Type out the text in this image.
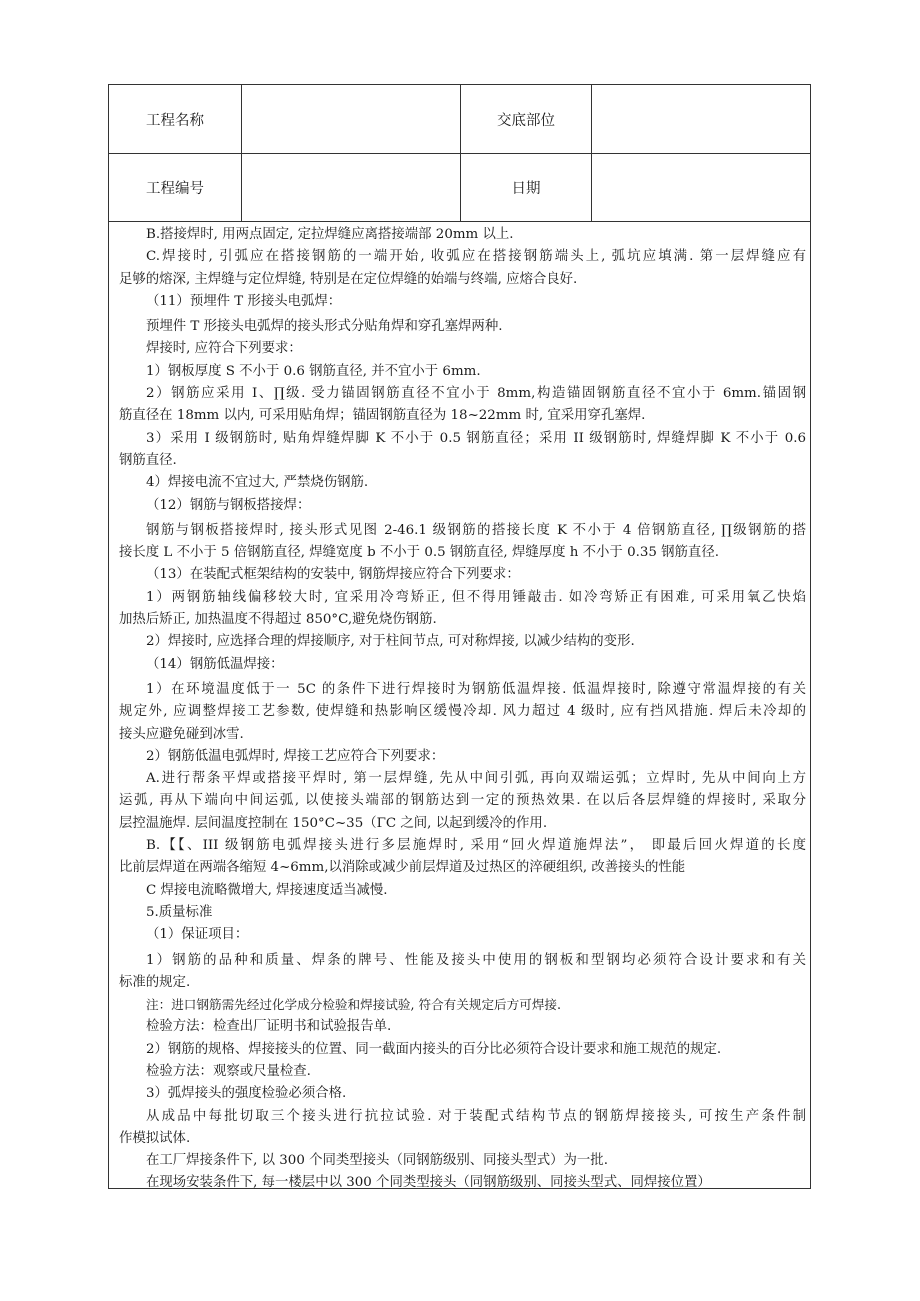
工程名称	交底部位
工程编号	日期
B.搭接焊时, 用两点固定, 定拉焊缝应离搭接端部 20mm 以上.
C.焊接时, 引弧应在搭接钢筋的一端开始, 收弧应在搭接钢筋端头上, 弧坑应填满. 第一层焊缝应有
足够的熔深, 主焊缝与定位焊缝, 特别是在定位焊缝的始端与终端, 应熔合良好.
（11）预埋件 T 形接头电弧焊：
预埋件 T 形接头电弧焊的接头形式分贴角焊和穿孔塞焊两种.
焊接时, 应符合下列要求：
1）钢板厚度 S 不小于 0.6 钢筋直径, 并不宜小于 6mm.
2）钢筋应采用 I、∏级. 受力锚固钢筋直径不宜小于 8mm,构造锚固钢筋直径不宜小于 6mm.锚固钢
筋直径在 18mm 以内, 可采用贴角焊；锚固钢筋直径为 18~22mm 时, 宜采用穿孔塞焊.
3）采用 I 级钢筋时, 贴角焊缝焊脚 K 不小于 0.5 钢筋直径；采用 II 级钢筋时, 焊缝焊脚 K 不小于 0.6
钢筋直径.
4）焊接电流不宜过大, 严禁烧伤钢筋.
（12）钢筋与钢板搭接焊：
钢筋与钢板搭接焊时, 接头形式见图 2-46.1 级钢筋的搭接长度 K 不小于 4 倍钢筋直径, ∏级钢筋的搭
接长度 L 不小于 5 倍钢筋直径, 焊缝宽度 b 不小于 0.5 钢筋直径, 焊缝厚度 h 不小于 0.35 钢筋直径.
（13）在装配式框架结构的安装中, 钢筋焊接应符合下列要求：
1）两钢筋轴线偏移较大时, 宜采用冷弯矫正, 但不得用锤敲击. 如冷弯矫正有困难, 可采用氧乙快焰
加热后矫正, 加热温度不得超过 850°C,避免烧伤钢筋.
2）焊接时, 应选择合理的焊接顺序, 对于柱间节点, 可对称焊接, 以减少结构的变形.
（14）钢筋低温焊接：
1）在环境温度低于一 5C 的条件下进行焊接时为钢筋低温焊接. 低温焊接时, 除遵守常温焊接的有关
规定外, 应调整焊接工艺参数, 使焊缝和热影响区缓慢冷却. 风力超过 4 级时, 应有挡风措施. 焊后未冷却的
接头应避免碰到冰雪.
2）钢筋低温电弧焊时, 焊接工艺应符合下列要求：
A.进行帮条平焊或搭接平焊时, 第一层焊缝, 先从中间引弧, 再向双端运弧；立焊时, 先从中间向上方
运弧, 再从下端向中间运弧, 以使接头端部的钢筋达到一定的预热效果. 在以后各层焊缝的焊接时, 采取分
层控温施焊. 层间温度控制在 150°C~35（ΓC 之间, 以起到缓冷的作用.
B.【【、III 级钢筋电弧焊接头进行多层施焊时, 采用“回火焊道施焊法”， 即最后回火焊道的长度
比前层焊道在两端各缩短 4~6mm,以消除或减少前层焊道及过热区的淬硬组织, 改善接头的性能
C 焊接电流略微增大, 焊接速度适当减慢.
5.质量标准
（1）保证项目：
1）钢筋的品种和质量、焊条的牌号、性能及接头中使用的钢板和型钢均必须符合设计要求和有关
标准的规定.
注：进口钢筋需先经过化学成分检验和焊接试验, 符合有关规定后方可焊接.
检验方法：检查出厂证明书和试验报告单.
2）钢筋的规格、焊接接头的位置、同一截面内接头的百分比必须符合设计要求和施工规范的规定.
检验方法：观察或尺量检查.
3）弧焊接头的强度检验必须合格.
从成品中每批切取三个接头进行抗拉试验. 对于装配式结构节点的钢筋焊接接头, 可按生产条件制
作模拟试体.
在工厂焊接条件下, 以 300 个同类型接头（同钢筋级别、同接头型式）为一批.
在现场安装条件下, 每一楼层中以 300 个同类型接头（同钢筋级别、同接头型式、同焊接位置）
